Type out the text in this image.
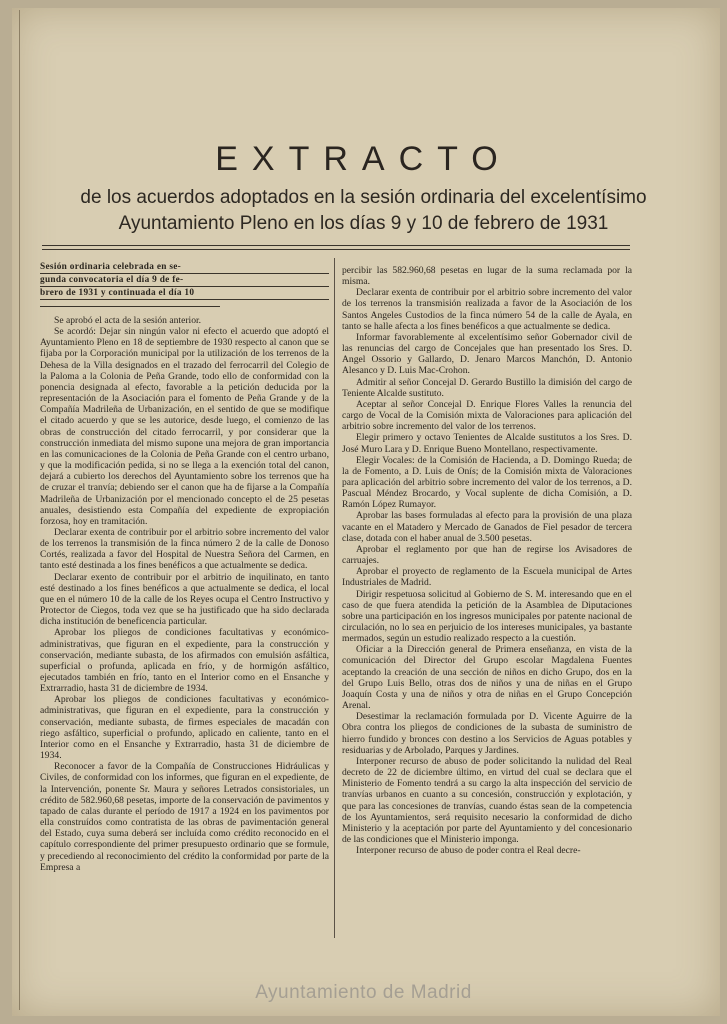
EXTRACTO
de los acuerdos adoptados en la sesión ordinaria del excelentísimo
Ayuntamiento Pleno en los días 9 y 10 de febrero de 1931
Sesión ordinaria celebrada en se-
gunda convocatoria el día 9 de fe-
brero de 1931 y continuada el día 10

Se aprobó el acta de la sesión anterior.

Se acordó: Dejar sin ningún valor ni efecto el acuerdo que adoptó el Ayuntamiento Pleno en 18 de septiembre de 1930 respecto al canon que se fijaba por la Corporación municipal por la utilización de los terrenos de la Dehesa de la Villa designados en el trazado del ferrocarril del Colegio de la Paloma a la Colonia de Peña Grande, todo ello de conformidad con la ponencia designada al efecto, favorable a la petición deducida por la representación de la Asociación para el fomento de Peña Grande y de la Compañía Madrileña de Urbanización, en el sentido de que se modifique el citado acuerdo y que se les autorice, desde luego, el comienzo de las obras de construcción del citado ferrocarril, y por considerar que la construcción inmediata del mismo supone una mejora de gran importancia en las comunicaciones de la Colonia de Peña Grande con el centro urbano, y que la modificación pedida, si no se llega a la exención total del canon, dejará a cubierto los derechos del Ayuntamiento sobre los terrenos que ha de cruzar el tranvía; debiendo ser el canon que ha de fijarse a la Compañía Madrileña de Urbanización por el mencionado concepto el de 25 pesetas anuales, desistiendo esta Compañía del expediente de expropiación forzosa, hoy en tramitación.

Declarar exenta de contribuir por el arbitrio sobre incremento del valor de los terrenos la transmisión de la finca número 2 de la calle de Donoso Cortés, realizada a favor del Hospital de Nuestra Señora del Carmen, en tanto esté destinada a los fines benéficos a que actualmente se dedica.

Declarar exento de contribuir por el arbitrio de inquilinato, en tanto esté destinado a los fines benéficos a que actualmente se dedica, el local que en el número 10 de la calle de los Reyes ocupa el Centro Instructivo y Protector de Ciegos, toda vez que se ha justificado que ha sido declarada dicha institución de beneficencia particular.

Aprobar los pliegos de condiciones facultativas y económico-administrativas, que figuran en el expediente, para la construcción y conservación, mediante subasta, de los afirmados con emulsión asfáltica, superficial o profunda, aplicada en frío, y de hormigón asfáltico, ejecutados también en frío, tanto en el Interior como en el Ensanche y Extrarradio, hasta 31 de diciembre de 1934.

Aprobar los pliegos de condiciones facultativas y económico-administrativas, que figuran en el expediente, para la construcción y conservación, mediante subasta, de firmes especiales de macadán con riego asfáltico, superficial o profundo, aplicado en caliente, tanto en el Interior como en el Ensanche y Extrarradio, hasta 31 de diciembre de 1934.

Reconocer a favor de la Compañía de Construcciones Hidráulicas y Civiles, de conformidad con los informes, que figuran en el expediente, de la Intervención, ponente Sr. Maura y señores Letrados consistoriales, un crédito de 582.960,68 pesetas, importe de la conservación de pavimentos y tapado de calas durante el período de 1917 a 1924 en los pavimentos por ella construídos como contratista de las obras de pavimentación general del Estado, cuya suma deberá ser incluída como crédito reconocido en el capítulo correspondiente del primer presupuesto ordinario que se formule, y precediendo al reconocimiento del crédito la conformidad por parte de la Empresa a

percibir las 582.960,68 pesetas en lugar de la suma reclamada por la misma.

Declarar exenta de contribuir por el arbitrio sobre incremento del valor de los terrenos la transmisión realizada a favor de la Asociación de los Santos Angeles Custodios de la finca número 54 de la calle de Ayala, en tanto se halle afecta a los fines benéficos a que actualmente se dedica.

Informar favorablemente al excelentísimo señor Gobernador civil de las renuncias del cargo de Concejales que han presentado los Sres. D. Angel Ossorio y Gallardo, D. Jenaro Marcos Manchón, D. Antonio Alesanco y D. Luis Mac-Crohon.

Admitir al señor Concejal D. Gerardo Bustillo la dimisión del cargo de Teniente Alcalde sustituto.

Aceptar al señor Concejal D. Enrique Flores Valles la renuncia del cargo de Vocal de la Comisión mixta de Valoraciones para aplicación del arbitrio sobre incremento del valor de los terrenos.

Elegir primero y octavo Tenientes de Alcalde sustitutos a los Sres. D. José Muro Lara y D. Enrique Bueno Montellano, respectivamente.

Elegir Vocales: de la Comisión de Hacienda, a D. Domingo Rueda; de la de Fomento, a D. Luis de Onís; de la Comisión mixta de Valoraciones para aplicación del arbitrio sobre incremento del valor de los terrenos, a D. Pascual Méndez Brocardo, y Vocal suplente de dicha Comisión, a D. Ramón López Rumayor.

Aprobar las bases formuladas al efecto para la provisión de una plaza vacante en el Matadero y Mercado de Ganados de Fiel pesador de tercera clase, dotada con el haber anual de 3.500 pesetas.

Aprobar el reglamento por que han de regirse los Avisadores de carruajes.

Aprobar el proyecto de reglamento de la Escuela municipal de Artes Industriales de Madrid.

Dirigir respetuosa solicitud al Gobierno de S. M. interesando que en el caso de que fuera atendida la petición de la Asamblea de Diputaciones sobre una participación en los ingresos municipales por patente nacional de circulación, no lo sea en perjuicio de los intereses municipales, ya bastante mermados, según un estudio realizado respecto a la cuestión.

Oficiar a la Dirección general de Primera enseñanza, en vista de la comunicación del Director del Grupo escolar Magdalena Fuentes aceptando la creación de una sección de niños en dicho Grupo, dos en la del Grupo Luis Bello, otras dos de niños y una de niñas en el Grupo Joaquín Costa y una de niños y otra de niñas en el Grupo Concepción Arenal.

Desestimar la reclamación formulada por D. Vicente Aguirre de la Obra contra los pliegos de condiciones de la subasta de suministro de hierro fundido y bronces con destino a los Servicios de Aguas potables y residuarias y de Arbolado, Parques y Jardines.

Interponer recurso de abuso de poder solicitando la nulidad del Real decreto de 22 de diciembre último, en virtud del cual se declara que el Ministerio de Fomento tendrá a su cargo la alta inspección del servicio de tranvías urbanos en cuanto a su concesión, construcción y explotación, y que para las concesiones de tranvías, cuando éstas sean de la competencia de los Ayuntamientos, será requisito necesario la conformidad de dicho Ministerio y la aceptación por parte del Ayuntamiento y del concesionario de las condiciones que el Ministerio imponga.

Interponer recurso de abuso de poder contra el Real decre-

Ayuntamiento de Madrid
